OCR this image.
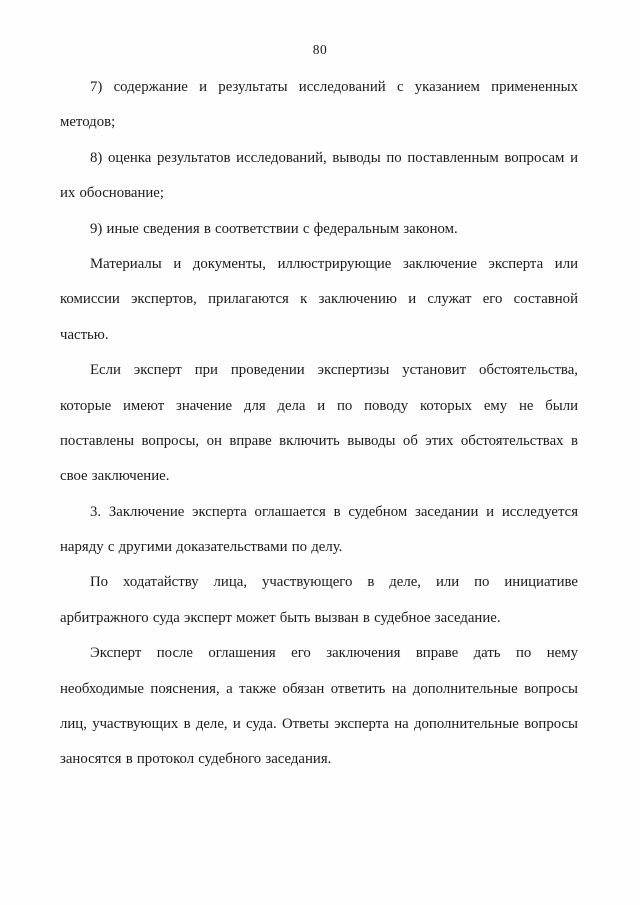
80
7) содержание и результаты исследований с указанием примененных
методов;
8) оценка результатов исследований, выводы по поставленным вопросам и
их обоснование;
9) иные сведения в соответствии с федеральным законом.
Материалы и документы, иллюстрирующие заключение эксперта или
комиссии экспертов, прилагаются к заключению и служат его составной
частью.
Если эксперт при проведении экспертизы установит обстоятельства,
которые имеют значение для дела и по поводу которых ему не были
поставлены вопросы, он вправе включить выводы об этих обстоятельствах в
свое заключение.
3. Заключение эксперта оглашается в судебном заседании и исследуется
наряду с другими доказательствами по делу.
По ходатайству лица, участвующего в деле, или по инициативе
арбитражного суда эксперт может быть вызван в судебное заседание.
Эксперт после оглашения его заключения вправе дать по нему
необходимые пояснения, а также обязан ответить на дополнительные вопросы
лиц, участвующих в деле, и суда. Ответы эксперта на дополнительные вопросы
заносятся в протокол судебного заседания.
